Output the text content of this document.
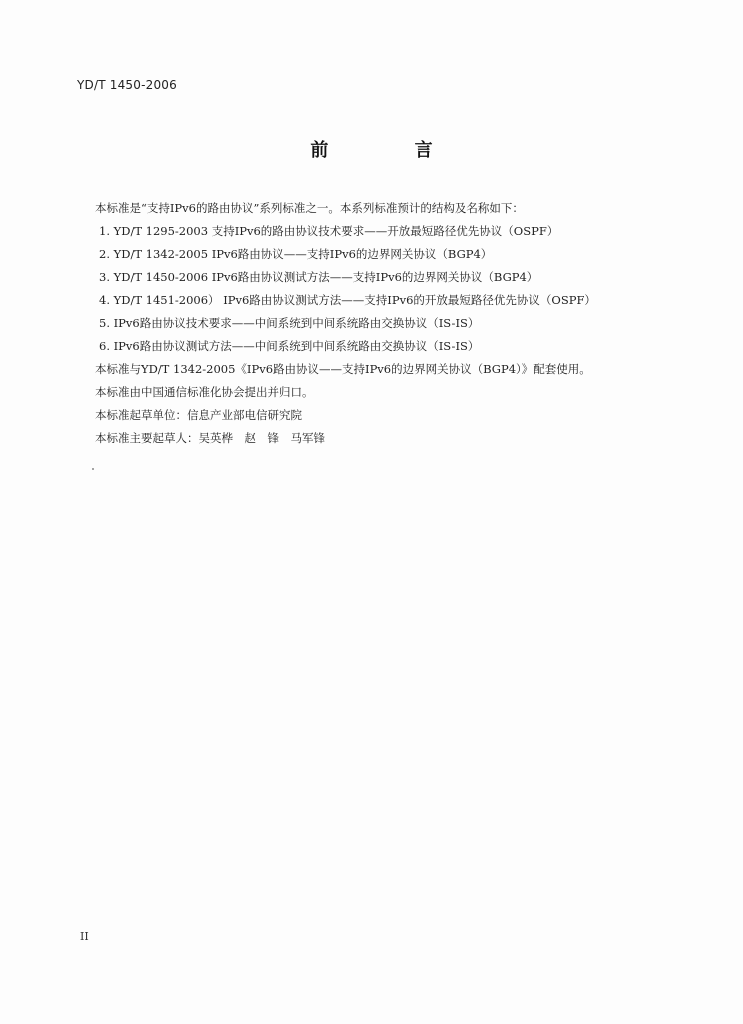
YD/T 1450-2006
前 言
本标准是“支持IPv6的路由协议”系列标准之一。本系列标准预计的结构及名称如下：
1. YD/T 1295-2003 支持IPv6的路由协议技术要求——开放最短路径优先协议（OSPF）
2. YD/T 1342-2005 IPv6路由协议——支持IPv6的边界网关协议（BGP4）
3. YD/T 1450-2006 IPv6路由协议测试方法——支持IPv6的边界网关协议（BGP4）
4. YD/T 1451-2006） IPv6路由协议测试方法——支持IPv6的开放最短路径优先协议（OSPF）
5. IPv6路由协议技术要求——中间系统到中间系统路由交换协议（IS-IS）
6. IPv6路由协议测试方法——中间系统到中间系统路由交换协议（IS-IS）
本标准与YD/T 1342-2005《IPv6路由协议——支持IPv6的边界网关协议（BGP4）》配套使用。
本标准由中国通信标准化协会提出并归口。
本标准起草单位：信息产业部电信研究院
本标准主要起草人：吴英桦　赵　锋　马军锋
II
